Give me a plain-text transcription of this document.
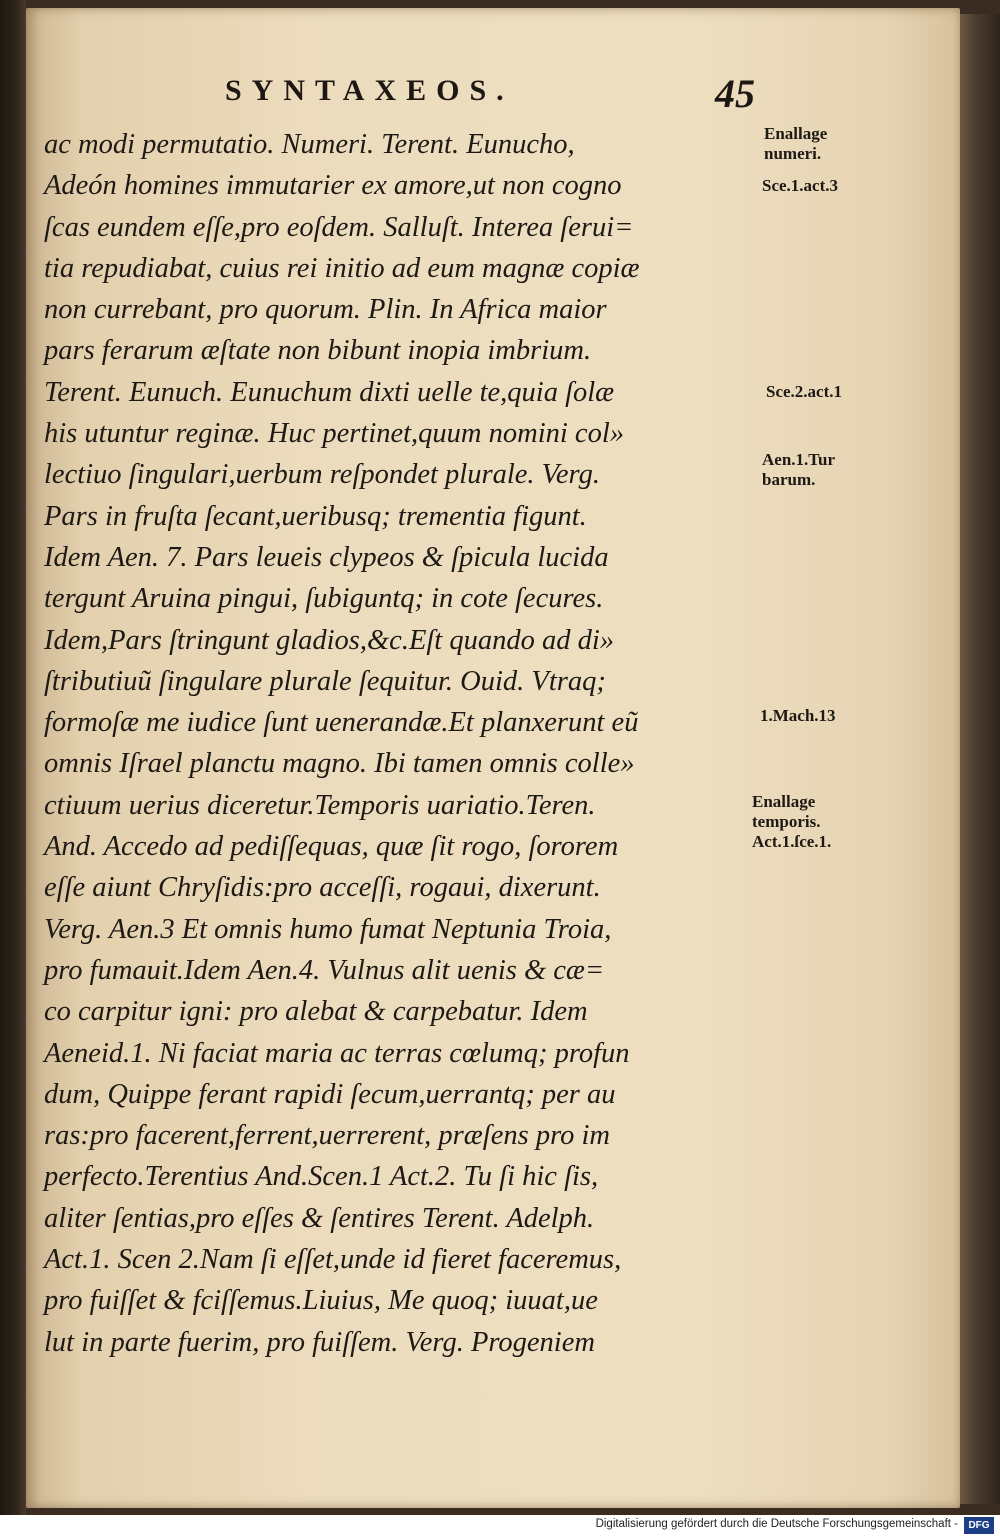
SYNTAXEOS.	45
ac modi permutatio. Numeri. Terent. Eunucho,
Adeón homines immutarier ex amore,ut non cogno
ſcas eundem eſſe,pro eoſdem. Salluſt. Interea ſerui=
tia repudiabat, cuius rei initio ad eum magnæ copiæ
non currebant, pro quorum. Plin. In Africa maior
pars ferarum æſtate non bibunt inopia imbrium.
Terent. Eunuch. Eunuchum dixti uelle te,quia ſolæ
his utuntur reginæ. Huc pertinet,quum nomini col»
lectiuo ſingulari,uerbum reſpondet plurale. Verg.
Pars in fruſta ſecant,ueribusq; trementia figunt.
Idem Aen. 7. Pars leueis clypeos & ſpicula lucida
tergunt Aruina pingui, ſubiguntq; in cote ſecures.
Idem,Pars ſtringunt gladios,&c.Eſt quando ad di»
ſtributiuũ ſingulare plurale ſequitur. Ouid. Vtraq;
formoſæ me iudice ſunt uenerandæ.Et planxerunt eũ
omnis Iſrael planctu magno. Ibi tamen omnis colle»
ctiuum uerius diceretur.Temporis uariatio.Teren.
And. Accedo ad pediſſequas, quæ ſit rogo, ſororem
eſſe aiunt Chryſidis:pro acceſſi, rogaui, dixerunt.
Verg. Aen.3 Et omnis humo fumat Neptunia Troia,
pro fumauit.Idem Aen.4. Vulnus alit uenis & cæ=
co carpitur igni: pro alebat & carpebatur. Idem
Aeneid.1. Ni faciat maria ac terras cœlumq; profun
dum, Quippe ferant rapidi ſecum,uerrantq; per au
ras:pro facerent,ferrent,uerrerent, præſens pro im
perfecto.Terentius And.Scen.1 Act.2. Tu ſi hic ſis,
aliter ſentias,pro eſſes & ſentires Terent. Adelph.
Act.1. Scen 2.Nam ſi eſſet,unde id fieret faceremus,
pro fuiſſet & fciſſemus.Liuius, Me quoq; iuuat,ue
lut in parte fuerim, pro fuiſſem. Verg. Progeniem
Enallage
numeri.
Sce.1.act.3
Sce.2.act.1
Aen.1.Tur
barum.
1.Mach.13
Enallage
temporis.
Act.1.ſce.1.
Digitalisierung gefördert durch die Deutsche Forschungsgemeinschaft -	DFG
